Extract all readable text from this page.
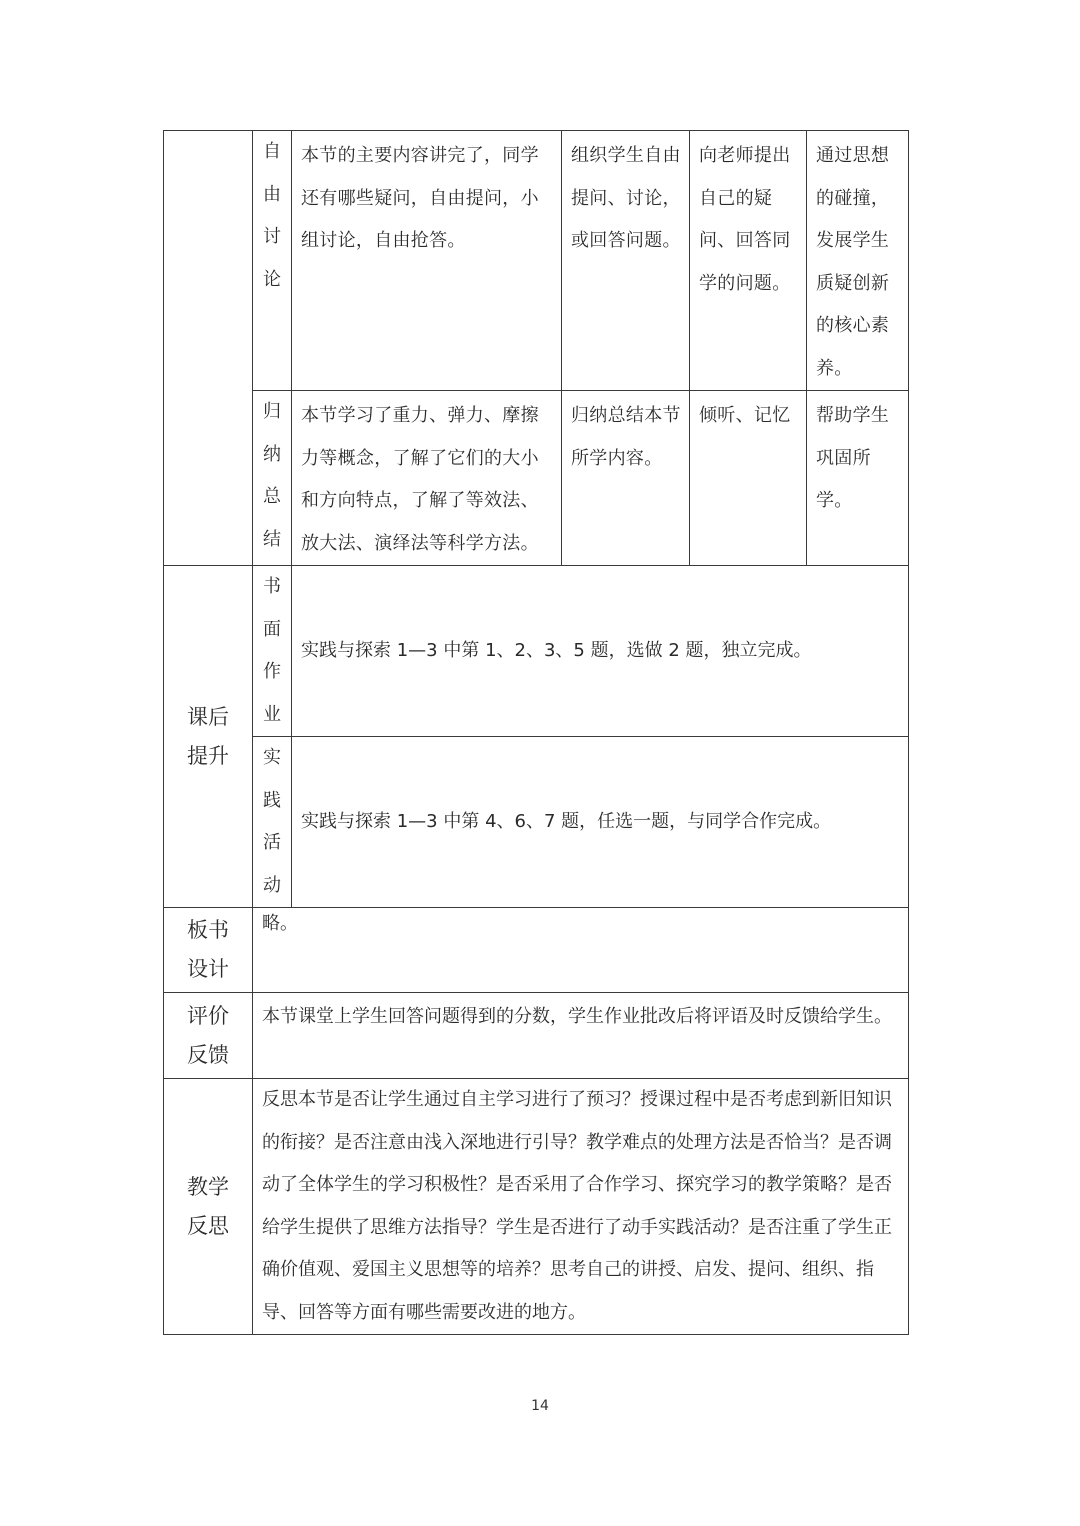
	自
由
讨
论	本节的主要内容讲完了，同学还有哪些疑问，自由提问，小组讨论，自由抢答。	组织学生自由提问、讨论，或回答问题。	向老师提出自己的疑问、回答同学的问题。	通过思想的碰撞，发展学生质疑创新的核心素养。

	归
纳
总
结	本节学习了重力、弹力、摩擦力等概念，了解了它们的大小和方向特点，了解了等效法、放大法、演绎法等科学方法。	归纳总结本节所学内容。	倾听、记忆	帮助学生巩固所学。

课后提升	书
面
作
业	实践与探索 1—3 中第 1、2、3、5 题，选做 2 题，独立完成。			

	实
践
活
动	实践与探索 1—3 中第 4、6、7 题，任选一题，与同学合作完成。			

板书设计	略。				

评价反馈	本节课堂上学生回答问题得到的分数，学生作业批改后将评语及时反馈给学生。				

教学反思	反思本节是否让学生通过自主学习进行了预习？授课过程中是否考虑到新旧知识的衔接？是否注意由浅入深地进行引导？教学难点的处理方法是否恰当？是否调动了全体学生的学习积极性？是否采用了合作学习、探究学习的教学策略？是否给学生提供了思维方法指导？学生是否进行了动手实践活动？是否注重了学生正确价值观、爱国主义思想等的培养？思考自己的讲授、启发、提问、组织、指导、回答等方面有哪些需要改进的地方。				
14
